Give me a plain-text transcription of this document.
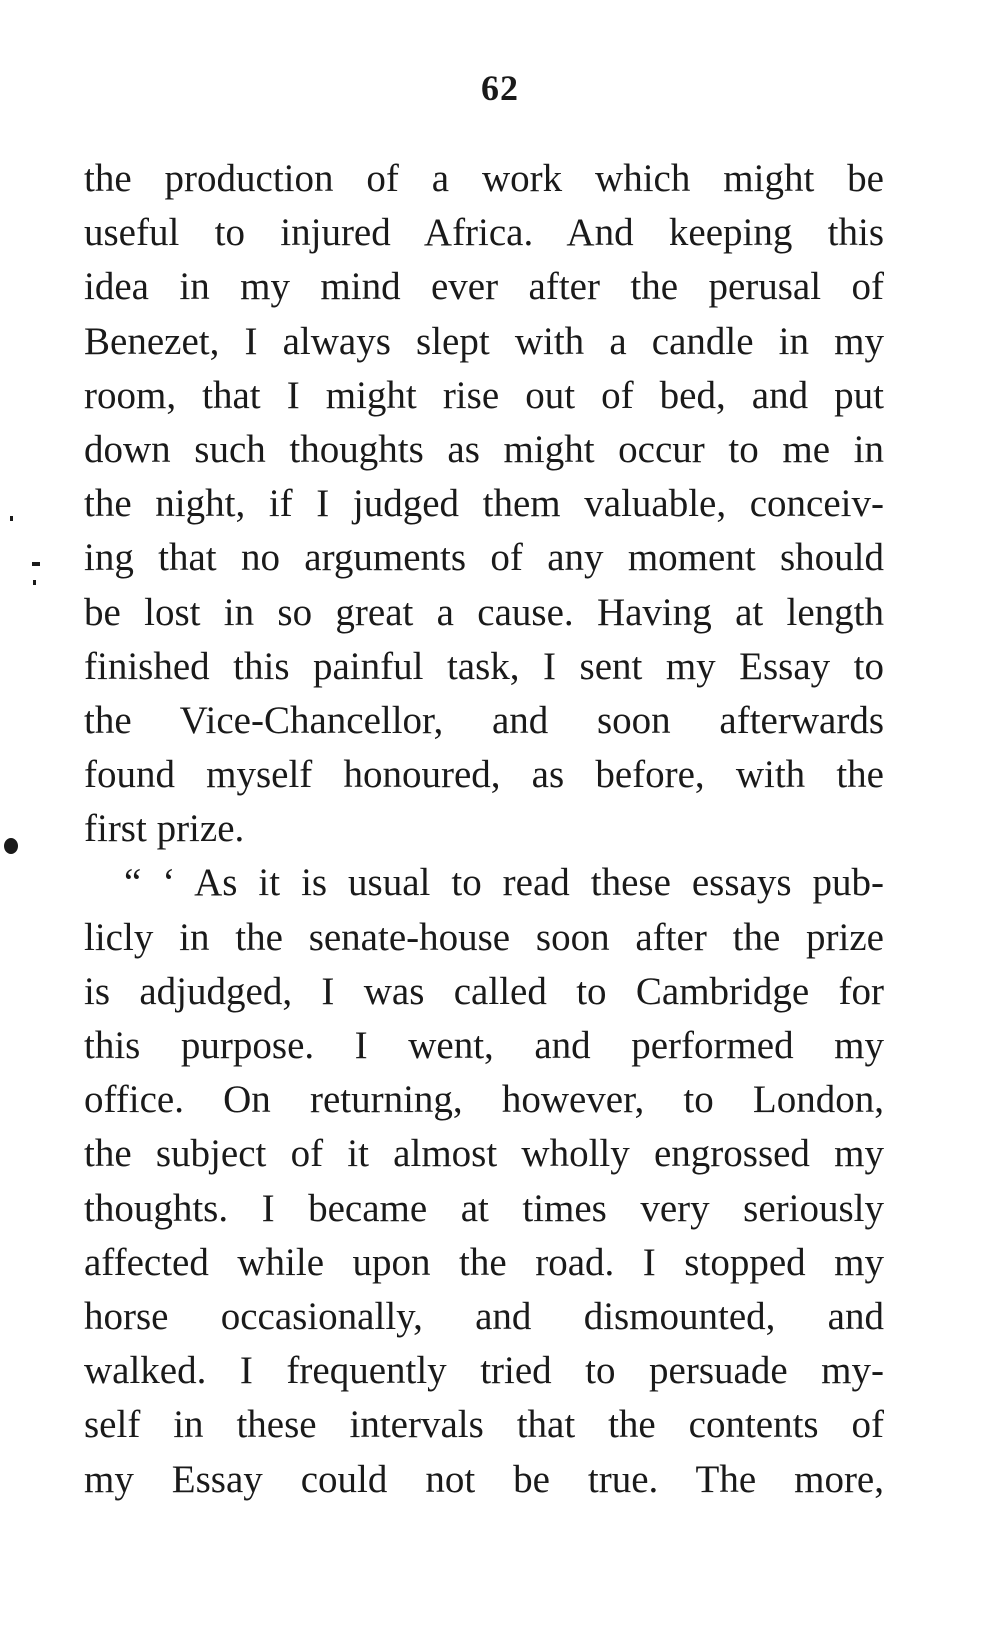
62
the production of a work which might be
useful to injured Africa. And keeping this
idea in my mind ever after the perusal of
Benezet, I always slept with a candle in my
room, that I might rise out of bed, and put
down such thoughts as might occur to me in
the night, if I judged them valuable, conceiv-
ing that no arguments of any moment should
be lost in so great a cause. Having at length
finished this painful task, I sent my Essay to
the Vice-Chancellor, and soon afterwards
found myself honoured, as before, with the
first prize.
“ ‘ As it is usual to read these essays pub-
licly in the senate-house soon after the prize
is adjudged, I was called to Cambridge for
this purpose. I went, and performed my
office. On returning, however, to London,
the subject of it almost wholly engrossed my
thoughts. I became at times very seriously
affected while upon the road. I stopped my
horse occasionally, and dismounted, and
walked. I frequently tried to persuade my-
self in these intervals that the contents of
my Essay could not be true. The more,
